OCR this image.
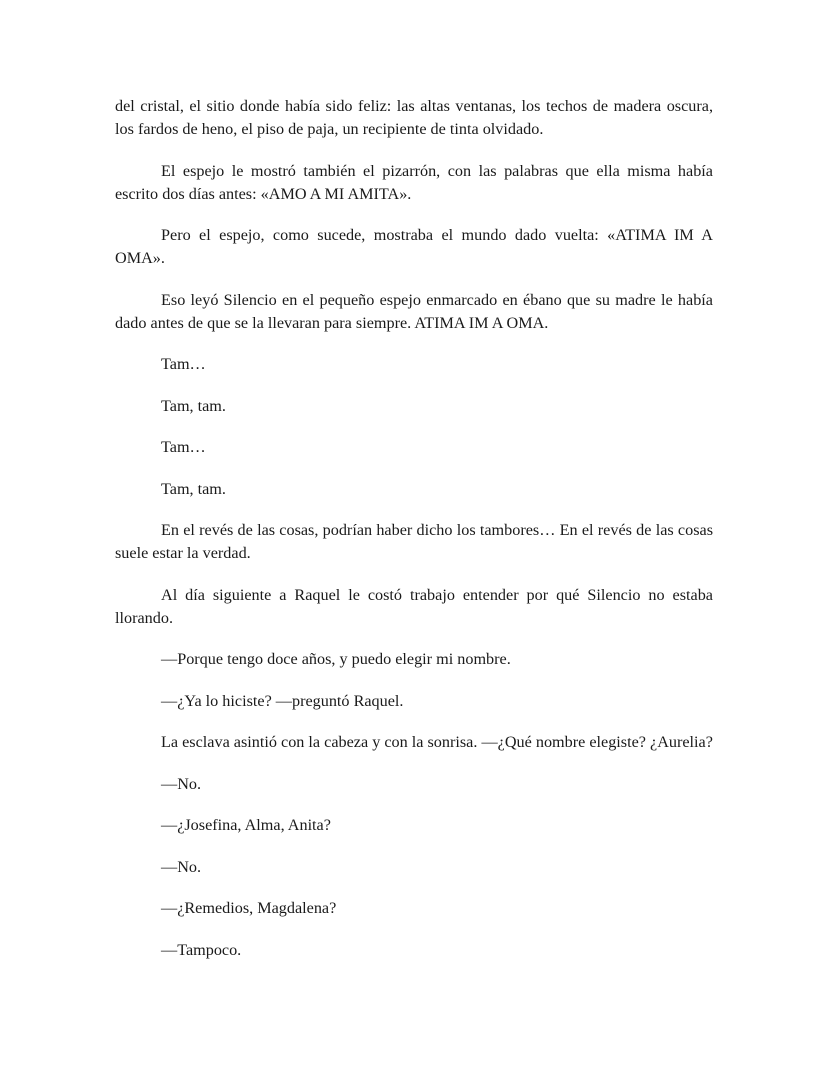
del cristal, el sitio donde había sido feliz: las altas ventanas, los techos de madera oscura, los fardos de heno, el piso de paja, un recipiente de tinta olvidado.

El espejo le mostró también el pizarrón, con las palabras que ella misma había escrito dos días antes: «AMO A MI AMITA».

Pero el espejo, como sucede, mostraba el mundo dado vuelta: «ATIMA IM A OMA».

Eso leyó Silencio en el pequeño espejo enmarcado en ébano que su madre le había dado antes de que se la llevaran para siempre. ATIMA IM A OMA.

Tam…

Tam, tam.

Tam…

Tam, tam.

En el revés de las cosas, podrían haber dicho los tambores… En el revés de las cosas suele estar la verdad.

Al día siguiente a Raquel le costó trabajo entender por qué Silencio no estaba llorando.

—Porque tengo doce años, y puedo elegir mi nombre.

—¿Ya lo hiciste? —preguntó Raquel.

La esclava asintió con la cabeza y con la sonrisa. —¿Qué nombre elegiste? ¿Aurelia?

—No.

—¿Josefina, Alma, Anita?

—No.

—¿Remedios, Magdalena?

—Tampoco.
